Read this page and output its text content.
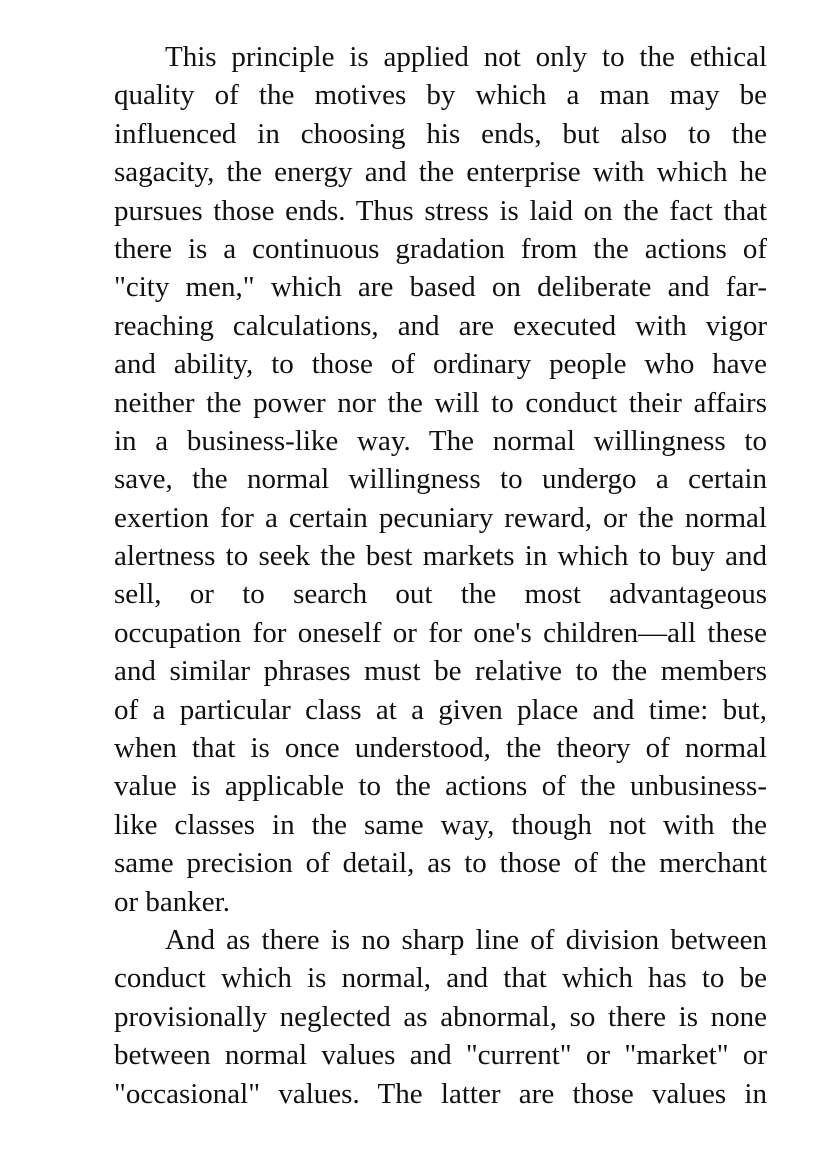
This principle is applied not only to the ethical
quality of the motives by which a man may be
influenced in choosing his ends, but also to the
sagacity, the energy and the enterprise with which he
pursues those ends. Thus stress is laid on the fact that
there is a continuous gradation from the actions of
"city men," which are based on deliberate and far-
reaching calculations, and are executed with vigor
and ability, to those of ordinary people who have
neither the power nor the will to conduct their affairs
in a business-like way. The normal willingness to
save, the normal willingness to undergo a certain
exertion for a certain pecuniary reward, or the normal
alertness to seek the best markets in which to buy and
sell, or to search out the most advantageous
occupation for oneself or for one's children—all these
and similar phrases must be relative to the members
of a particular class at a given place and time: but,
when that is once understood, the theory of normal
value is applicable to the actions of the unbusiness-
like classes in the same way, though not with the
same precision of detail, as to those of the merchant
or banker.
And as there is no sharp line of division between
conduct which is normal, and that which has to be
provisionally neglected as abnormal, so there is none
between normal values and "current" or "market" or
"occasional" values. The latter are those values in
